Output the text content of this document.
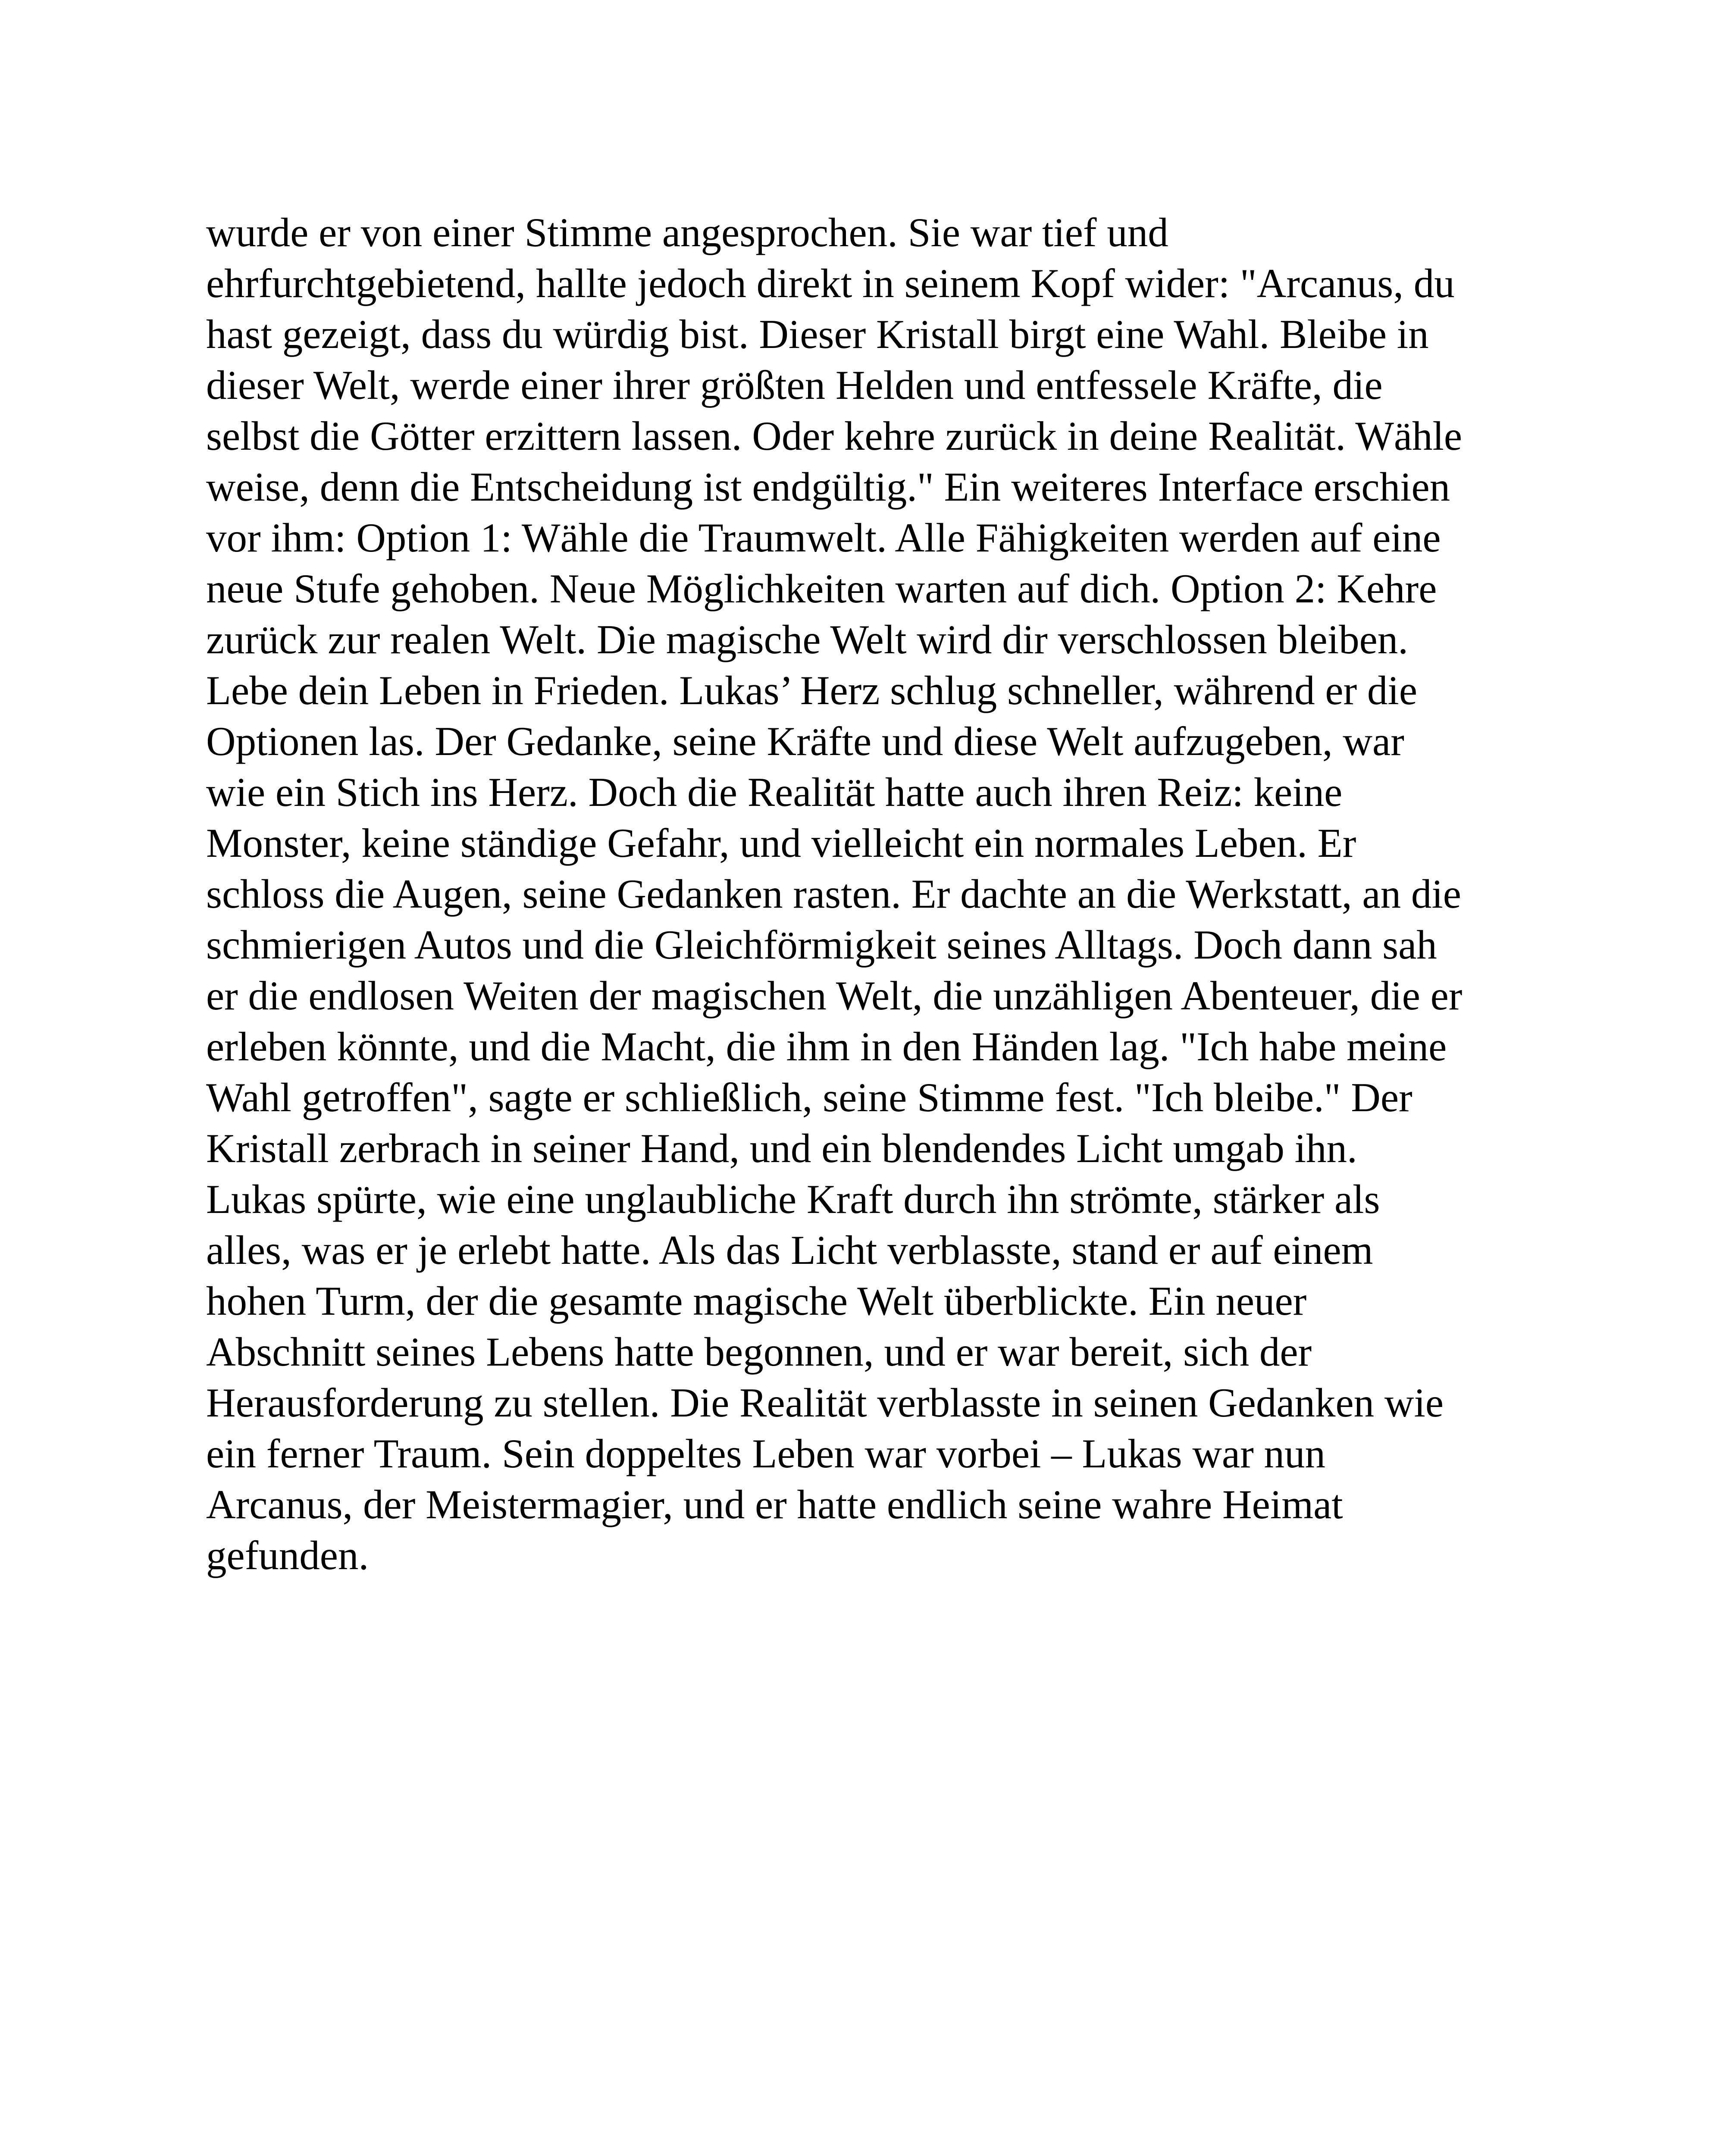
wurde er von einer Stimme angesprochen. Sie war tief und
ehrfurchtgebietend, hallte jedoch direkt in seinem Kopf wider: "Arcanus, du
hast gezeigt, dass du würdig bist. Dieser Kristall birgt eine Wahl. Bleibe in
dieser Welt, werde einer ihrer größten Helden und entfessele Kräfte, die
selbst die Götter erzittern lassen. Oder kehre zurück in deine Realität. Wähle
weise, denn die Entscheidung ist endgültig." Ein weiteres Interface erschien
vor ihm: Option 1: Wähle die Traumwelt. Alle Fähigkeiten werden auf eine
neue Stufe gehoben. Neue Möglichkeiten warten auf dich. Option 2: Kehre
zurück zur realen Welt. Die magische Welt wird dir verschlossen bleiben.
Lebe dein Leben in Frieden. Lukas’ Herz schlug schneller, während er die
Optionen las. Der Gedanke, seine Kräfte und diese Welt aufzugeben, war
wie ein Stich ins Herz. Doch die Realität hatte auch ihren Reiz: keine
Monster, keine ständige Gefahr, und vielleicht ein normales Leben. Er
schloss die Augen, seine Gedanken rasten. Er dachte an die Werkstatt, an die
schmierigen Autos und die Gleichförmigkeit seines Alltags. Doch dann sah
er die endlosen Weiten der magischen Welt, die unzähligen Abenteuer, die er
erleben könnte, und die Macht, die ihm in den Händen lag. "Ich habe meine
Wahl getroffen", sagte er schließlich, seine Stimme fest. "Ich bleibe." Der
Kristall zerbrach in seiner Hand, und ein blendendes Licht umgab ihn.
Lukas spürte, wie eine unglaubliche Kraft durch ihn strömte, stärker als
alles, was er je erlebt hatte. Als das Licht verblasste, stand er auf einem
hohen Turm, der die gesamte magische Welt überblickte. Ein neuer
Abschnitt seines Lebens hatte begonnen, und er war bereit, sich der
Herausforderung zu stellen. Die Realität verblasste in seinen Gedanken wie
ein ferner Traum. Sein doppeltes Leben war vorbei – Lukas war nun
Arcanus, der Meistermagier, und er hatte endlich seine wahre Heimat
gefunden.
